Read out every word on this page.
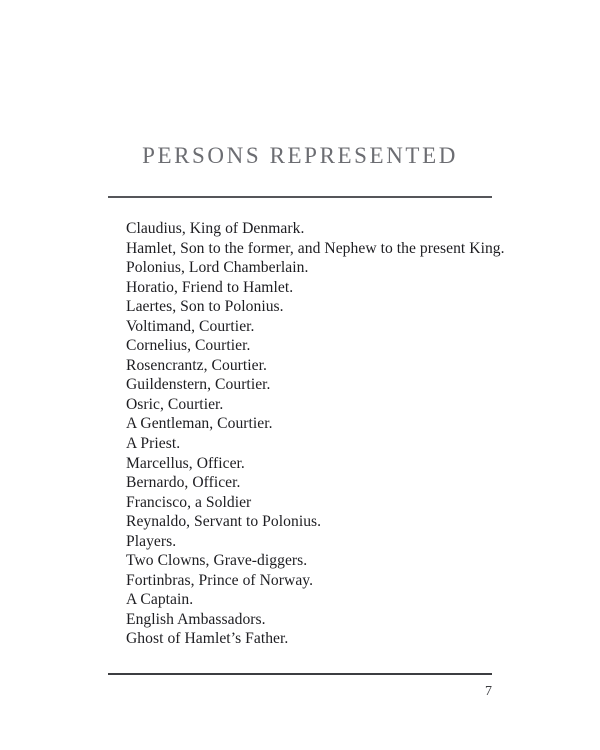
PERSONS REPRESENTED
Claudius, King of Denmark.
Hamlet, Son to the former, and Nephew to the present King.
Polonius, Lord Chamberlain.
Horatio, Friend to Hamlet.
Laertes, Son to Polonius.
Voltimand, Courtier.
Cornelius, Courtier.
Rosencrantz, Courtier.
Guildenstern, Courtier.
Osric, Courtier.
A Gentleman, Courtier.
A Priest.
Marcellus, Officer.
Bernardo, Officer.
Francisco, a Soldier
Reynaldo, Servant to Polonius.
Players.
Two Clowns, Grave-diggers.
Fortinbras, Prince of Norway.
A Captain.
English Ambassadors.
Ghost of Hamlet’s Father.
7
